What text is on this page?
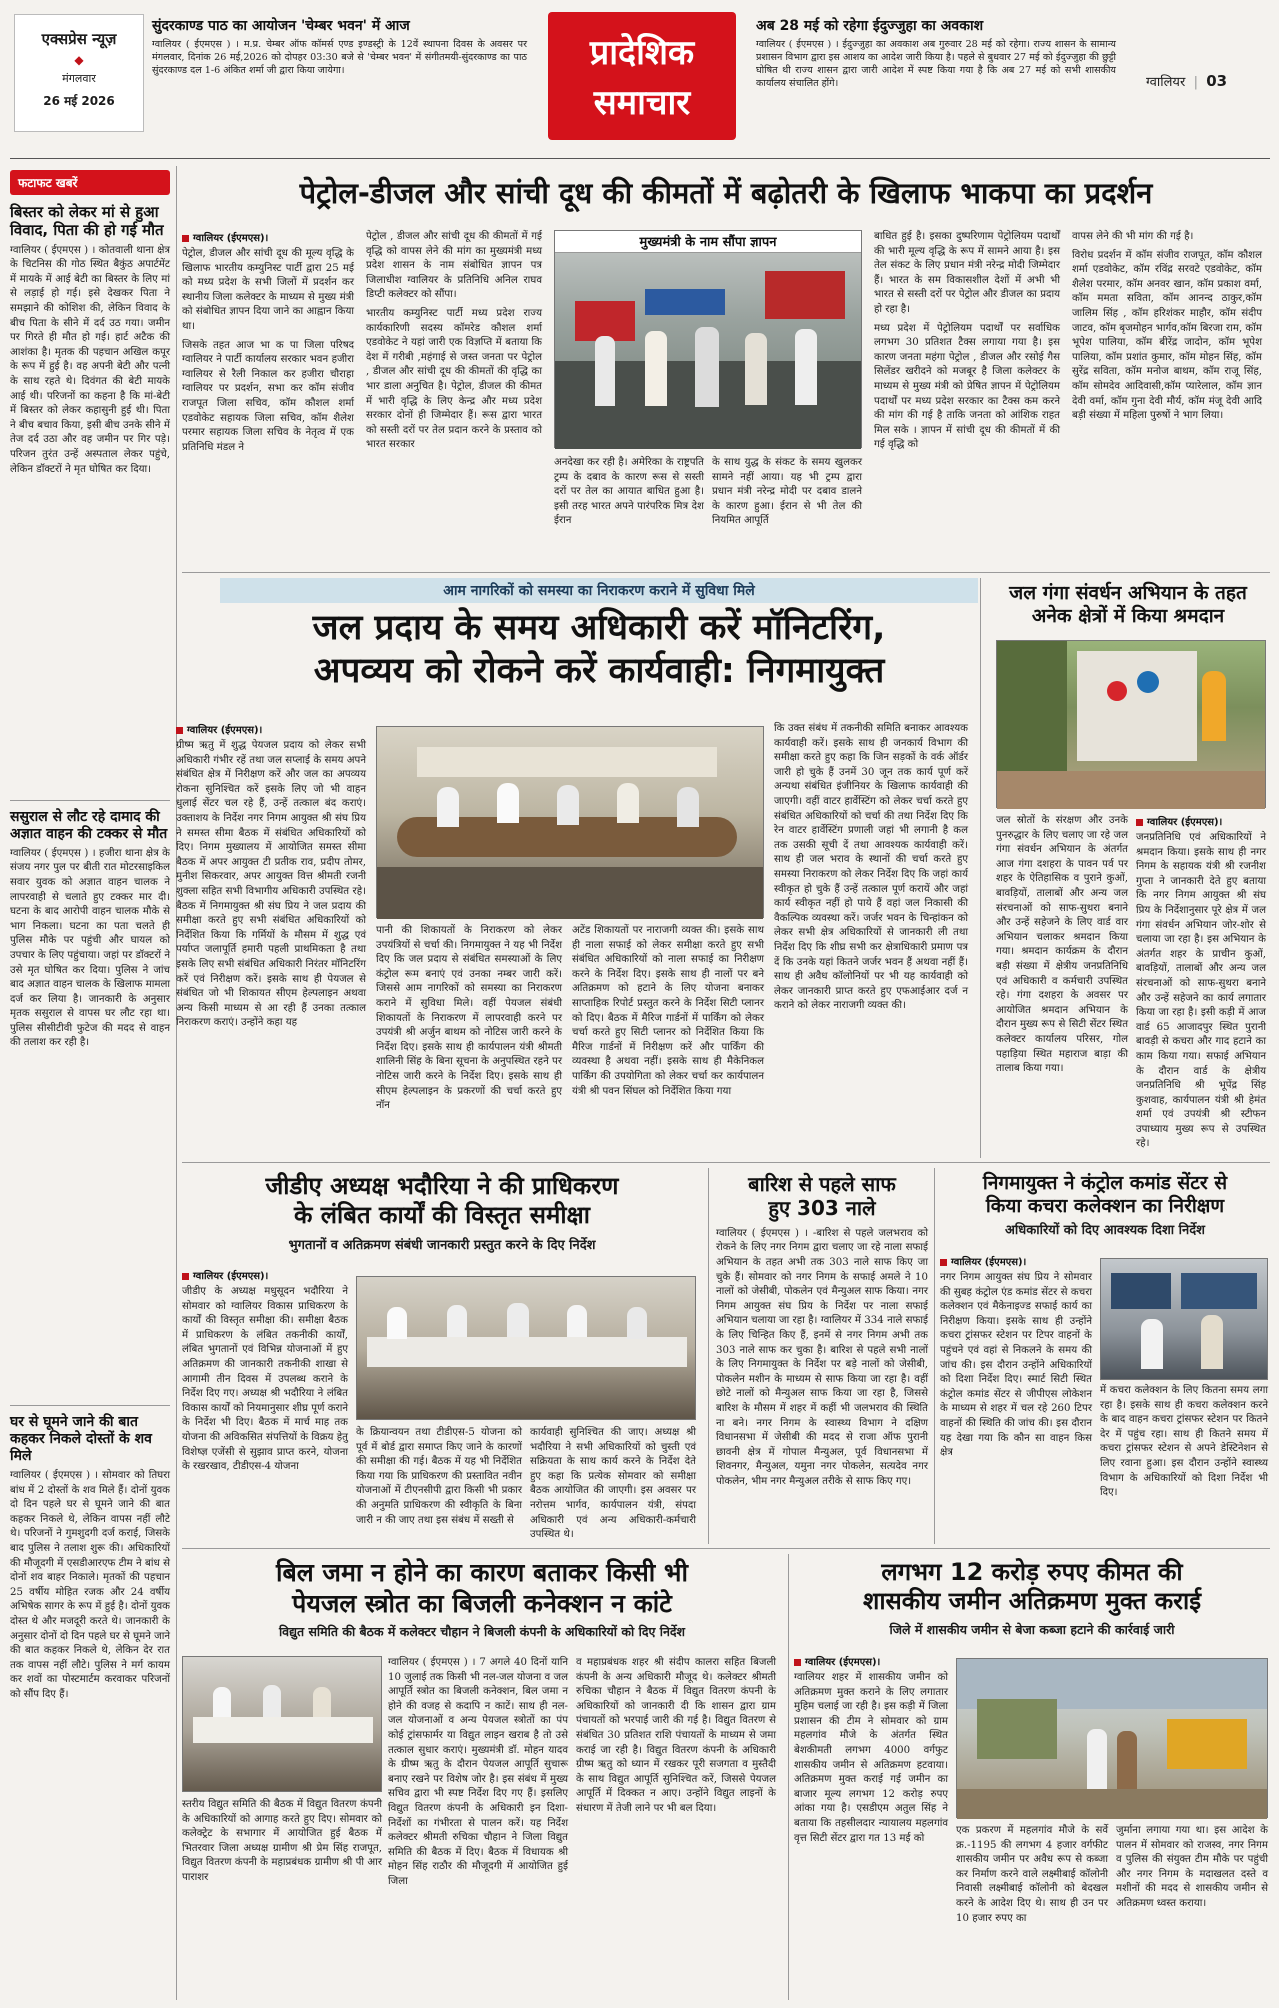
एक्सप्रेस न्यूज़
◆
मंगलवार
26 मई 2026
सुंदरकाण्ड पाठ का आयोजन 'चेम्बर भवन' में आज
ग्वालियर ( ईएमएस ) । म.प्र. चेम्बर ऑफ कॉमर्स एण्ड इण्डस्ट्री के 12वें स्थापना दिवस के अवसर पर मंगलवार, दिनांक 26 मई,2026 को दोपहर 03:30 बजे से 'चेम्बर भवन' में संगीतमयी-सुंदरकाण्ड का पाठ सुंदरकाण्ड दल 1-6 अंकित शर्मा जी द्वारा किया जायेगा।	प्रादेशिक
समाचार
अब 28 मई को रहेगा ईदुज्जुहा का अवकाश
ग्वालियर ( ईएमएस ) । ईदुज्जुहा का अवकाश अब गुरुवार 28 मई को रहेगा। राज्य शासन के सामान्य प्रशासन विभाग द्वारा इस आशय का आदेश जारी किया है। पहले से बुधवार 27 मई को ईदुज्जुहा की छुट्टी घोषित थी राज्य शासन द्वारा जारी आदेश में स्पष्ट किया गया है कि अब 27 मई को सभी शासकीय कार्यालय संचालित होंगे।	ग्वालियर  |  03
फटाफट खबरें
बिस्तर को लेकर मां से हुआ विवाद, पिता की हो गई मौत
ग्वालियर ( ईएमएस ) । कोतवाली थाना क्षेत्र के चिटनिस की गोठ स्थित बैकुंठ अपार्टमेंट में मायके में आई बेटी का बिस्तर के लिए मां से लड़ाई हो गई। इसे देखकर पिता ने समझाने की कोशिश की, लेकिन विवाद के बीच पिता के सीने में दर्द उठ गया। जमीन पर गिरते ही मौत हो गई। हार्ट अटैक की आशंका है। मृतक की पहचान अखिल कपूर के रूप में हुई है। वह अपनी बेटी और पत्नी के साथ रहते थे। दिवंगत की बेटी मायके आई थी। परिजनों का कहना है कि मां-बेटी में बिस्तर को लेकर कहासुनी हुई थी। पिता ने बीच बचाव किया, इसी बीच उनके सीने में तेज दर्द उठा और वह जमीन पर गिर पड़े। परिजन तुरंत उन्हें अस्पताल लेकर पहुंचे, लेकिन डॉक्टरों ने मृत घोषित कर दिया।
ससुराल से लौट रहे दामाद की अज्ञात वाहन की टक्कर से मौत
ग्वालियर ( ईएमएस ) । हजीरा थाना क्षेत्र के संजय नगर पुल पर बीती रात मोटरसाइकिल सवार युवक को अज्ञात वाहन चालक ने लापरवाही से चलाते हुए टक्कर मार दी। घटना के बाद आरोपी वाहन चालक मौके से भाग निकला। घटना का पता चलते ही पुलिस मौके पर पहुंची और घायल को उपचार के लिए पहुंचाया। जहां पर डॉक्टरों ने उसे मृत घोषित कर दिया। पुलिस ने जांच बाद अज्ञात वाहन चालक के खिलाफ मामला दर्ज कर लिया है। जानकारी के अनुसार मृतक ससुराल से वापस घर लौट रहा था। पुलिस सीसीटीवी फुटेज की मदद से वाहन की तलाश कर रही है।
घर से घूमने जाने की बात कहकर निकले दोस्तों के शव मिले
ग्वालियर ( ईएमएस ) । सोमवार को तिघरा बांध में 2 दोस्तों के शव मिले हैं। दोनों युवक दो दिन पहले घर से घूमने जाने की बात कहकर निकले थे, लेकिन वापस नहीं लौटे थे। परिजनों ने गुमशुदगी दर्ज कराई, जिसके बाद पुलिस ने तलाश शुरू की। अधिकारियों की मौजूदगी में एसडीआरएफ टीम ने बांध से दोनों शव बाहर निकाले। मृतकों की पहचान 25 वर्षीय मोहित रजक और 24 वर्षीय अभिषेक सागर के रूप में हुई है। दोनों युवक दोस्त थे और मजदूरी करते थे। जानकारी के अनुसार दोनों दो दिन पहले घर से घूमने जाने की बात कहकर निकले थे, लेकिन देर रात तक वापस नहीं लौटे। पुलिस ने मर्ग कायम कर शवों का पोस्टमार्टम करवाकर परिजनों को सौंप दिए हैं।
पेट्रोल-डीजल और सांची दूध की कीमतों में बढ़ोतरी के खिलाफ भाकपा का प्रदर्शन
ग्वालियर (ईएमएस)।
पेट्रोल, डीजल और सांची दूध की मूल्य वृद्धि के खिलाफ भारतीय कम्युनिस्ट पार्टी द्वारा 25 मई को मध्य प्रदेश के सभी जिलों में प्रदर्शन कर स्थानीय जिला कलेक्टर के माध्यम से मुख्य मंत्री को संबोधित ज्ञापन दिया जाने का आह्वान किया था।
जिसके तहत आज भा क पा जिला परिषद ग्वालियर ने पार्टी कार्यालय सरकार भवन हजीरा ग्वालियर से रैली निकाल कर हजीरा चौराहा ग्वालियर पर प्रदर्शन, सभा कर कॉम संजीव राजपूत जिला सचिव, कॉम कौशल शर्मा एडवोकेट सहायक जिला सचिव, कॉम शैलेश परमार सहायक जिला सचिव के नेतृत्व में एक प्रतिनिधि मंडल ने
पेट्रोल , डीजल और सांची दूध की कीमतों में गई वृद्धि को वापस लेने की मांग का मुख्यमंत्री मध्य प्रदेश शासन के नाम संबोधित ज्ञापन पत्र जिलाधीश ग्वालियर के प्रतिनिधि अनिल राघव डिप्टी कलेक्टर को सौंपा।
भारतीय कम्युनिस्ट पार्टी मध्य प्रदेश राज्य कार्यकारिणी सदस्य कॉमरेड कौशल शर्मा एडवोकेट ने यहां जारी एक विज्ञप्ति में बताया कि देश में गरीबी ,महंगाई से जस्त जनता पर पेट्रोल , डीजल और सांची दूध की कीमतों की वृद्धि का भार डाला अनुचित है। पेट्रोल, डीजल की कीमत में भारी वृद्धि के लिए केन्द्र और मध्य प्रदेश सरकार दोनों ही जिम्मेदार हैं। रूस द्वारा भारत को सस्ती दरों पर तेल प्रदान करने के प्रस्ताव को भारत सरकार
मुख्यमंत्री के नाम सौंपा ज्ञापन
अनदेखा कर रही है। अमेरिका के राष्ट्रपति ट्रम्प के दबाव के कारण रूस से सस्ती दरों पर तेल का आयात बाधित हुआ है। इसी तरह भारत अपने पारंपरिक मित्र देश ईरान
के साथ युद्ध के संकट के समय खुलकर सामने नहीं आया। यह भी ट्रम्प द्वारा प्रधान मंत्री नरेन्द्र मोदी पर दबाव डालने के कारण हुआ। ईरान से भी तेल की नियमित आपूर्ति
बाधित हुई है। इसका दुष्परिणाम पेट्रोलियम पदार्थों की भारी मूल्य वृद्धि के रूप में सामने आया है। इस तेल संकट के लिए प्रधान मंत्री नरेन्द्र मोदी जिम्मेदार हैं। भारत के सम विकासशील देशों में अभी भी भारत से सस्ती दरों पर पेट्रोल और डीजल का प्रदाय हो रहा है।
मध्य प्रदेश में पेट्रोलियम पदार्थों पर सर्वाधिक लगभग 30 प्रतिशत टैक्स लगाया गया है। इस कारण जनता महंगा पेट्रोल , डीजल और रसोई गैस सिलेंडर खरीदने को मजबूर है जिला कलेक्टर के माध्यम से मुख्य मंत्री को प्रेषित ज्ञापन में पेट्रोलियम पदार्थों पर मध्य प्रदेश सरकार का टैक्स कम करने की मांग की गई है ताकि जनता को आंशिक राहत मिल सके । ज्ञापन में सांची दूध की कीमतों में की गई वृद्धि को
वापस लेने की भी मांग की गई है।
विरोध प्रदर्शन में कॉम संजीव राजपूत, कॉम कौशल शर्मा एडवोकेट, कॉम रविंद्र सरवटे एडवोकेट, कॉम शैलेश परमार, कॉम अनवर खान, कॉम प्रकाश वर्मा, कॉम ममता सविता, कॉम आनन्द ठाकुर,कॉम जालिम सिंह , कॉम हरिशंकर माहौर, कॉम संदीप जाटव, कॉम बृजमोहन भार्गव,कॉम बिरजा राम, कॉम भूपेश पालिया, कॉम बीरेंद्र जादोन, कॉम भूपेश पालिया, कॉम प्रशांत कुमार, कॉम मोहन सिंह, कॉम सुरेंद्र सविता, कॉम मनोज बाथम, कॉम राजू सिंह, कॉम सोमदेव आदिवासी,कॉम प्यारेलाल, कॉम ज्ञान देवी वर्मा, कॉम गुना देवी मौर्य, कॉम मंजू देवी आदि बड़ी संख्या में महिला पुरुषों ने भाग लिया।
आम नागरिकों को समस्या का निराकरण कराने में सुविधा मिले
जल प्रदाय के समय अधिकारी करें मॉनिटरिंग,
अपव्यय को रोकने करें कार्यवाही: निगमायुक्त
ग्वालियर (ईएमएस)।
ग्रीष्म ऋतु में शुद्ध पेयजल प्रदाय को लेकर सभी अधिकारी गंभीर रहें तथा जल सप्लाई के समय अपने संबंधित क्षेत्र में निरीक्षण करें और जल का अपव्यय रोकना सुनिश्चित करें इसके लिए जो भी वाहन धुलाई सेंटर चल रहे हैं, उन्हें तत्काल बंद कराएं। उक्ताशय के निर्देश नगर निगम आयुक्त श्री संघ प्रिय ने समस्त सीमा बैठक में संबंधित अधिकारियों को दिए। निगम मुख्यालय में आयोजित समस्त सीमा बैठक में अपर आयुक्त टी प्रतीक राव, प्रदीप तोमर, मुनीश सिकरवार, अपर आयुक्त वित्त श्रीमती रजनी शुक्ला सहित सभी विभागीय अधिकारी उपस्थित रहे। बैठक में निगमायुक्त श्री संघ प्रिय ने जल प्रदाय की समीक्षा करते हुए सभी संबंधित अधिकारियों को निर्देशित किया कि गर्मियों के मौसम में शुद्ध एवं पर्याप्त जलापूर्ति हमारी पहली प्राथमिकता है तथा इसके लिए सभी संबंधित अधिकारी निरंतर मॉनिटरिंग करें एवं निरीक्षण करें। इसके साथ ही पेयजल से संबंधित जो भी शिकायत सीएम हेल्पलाइन अथवा अन्य किसी माध्यम से आ रही हैं उनका तत्काल निराकरण कराएं। उन्होंने कहा यह
पानी की शिकायतों के निराकरण को लेकर उपयंत्रियों से चर्चा की। निगमायुक्त ने यह भी निर्देश दिए कि जल प्रदाय से संबंधित समस्याओं के लिए कंट्रोल रूम बनाएं एवं उनका नम्बर जारी करें। जिससे आम नागरिकों को समस्या का निराकरण कराने में सुविधा मिले। वहीं पेयजल संबंधी शिकायतों के निराकरण में लापरवाही करने पर उपयंत्री श्री अर्जुन बाथम को नोटिस जारी करने के निर्देश दिए। इसके साथ ही कार्यपालन यंत्री श्रीमती शालिनी सिंह के बिना सूचना के अनुपस्थित रहने पर नोटिस जारी करने के निर्देश दिए। इसके साथ ही सीएम हेल्पलाइन के प्रकरणों की चर्चा करते हुए नॉन
अटेंड शिकायतों पर नाराजगी व्यक्त की। इसके साथ ही नाला सफाई को लेकर समीक्षा करते हुए सभी संबंधित अधिकारियों को नाला सफाई का निरीक्षण करने के निर्देश दिए। इसके साथ ही नालों पर बने अतिक्रमण को हटाने के लिए योजना बनाकर साप्ताहिक रिपोर्ट प्रस्तुत करने के निर्देश सिटी प्लानर को दिए। बैठक में मैरिज गार्डनों में पार्किंग को लेकर चर्चा करते हुए सिटी प्लानर को निर्देशित किया कि मैरिज गार्डनों में निरीक्षण करें और पार्किंग की व्यवस्था है अथवा नहीं। इसके साथ ही मैकेनिकल पार्किंग की उपयोगिता को लेकर चर्चा कर कार्यपालन यंत्री श्री पवन सिंघल को निर्देशित किया गया
कि उक्त संबंध में तकनीकी समिति बनाकर आवश्यक कार्यवाही करें। इसके साथ ही जनकार्य विभाग की समीक्षा करते हुए कहा कि जिन सड़कों के वर्क ऑर्डर जारी हो चुके हैं उनमें 30 जून तक कार्य पूर्ण करें अन्यथा संबंधित इंजीनियर के खिलाफ कार्यवाही की जाएगी। वहीं वाटर हार्वेस्टिंग को लेकर चर्चा करते हुए संबंधित अधिकारियों को चर्चा की तथा निर्देश दिए कि रेन वाटर हार्वेस्टिंग प्रणाली जहां भी लगानी है कल तक उसकी सूची दें तथा आवश्यक कार्यवाही करें। साथ ही जल भराव के स्थानों की चर्चा करते हुए समस्या निराकरण को लेकर निर्देश दिए कि जहां कार्य स्वीकृत हो चुके हैं उन्हें तत्काल पूर्ण करायें और जहां कार्य स्वीकृत नहीं हो पाये हैं वहां जल निकासी की वैकल्पिक व्यवस्था करें। जर्जर भवन के चिन्हांकन को लेकर सभी क्षेत्र अधिकारियों से जानकारी ली तथा निर्देश दिए कि शीघ्र सभी कर क्षेत्राधिकारी प्रमाण पत्र दें कि उनके यहां कितने जर्जर भवन हैं अथवा नहीं हैं। साथ ही अवैध कॉलोनियों पर भी यह कार्यवाही को लेकर जानकारी प्राप्त करते हुए एफआईआर दर्ज न कराने को लेकर नाराजगी व्यक्त की।
जल गंगा संवर्धन अभियान के तहत
अनेक क्षेत्रों में किया श्रमदान
जल स्रोतों के संरक्षण और उनके पुनरुद्धार के लिए चलाए जा रहे जल गंगा संवर्धन अभियान के अंतर्गत आज गंगा दशहरा के पावन पर्व पर शहर के ऐतिहासिक व पुराने कुओं, बावड़ियों, तालाबों और अन्य जल संरचनाओं को साफ-सुथरा बनाने और उन्हें सहेजने के लिए वार्ड वार अभियान चलाकर श्रमदान किया गया। श्रमदान कार्यक्रम के दौरान बड़ी संख्या में क्षेत्रीय जनप्रतिनिधि एवं अधिकारी व कर्मचारी उपस्थित रहे। गंगा दशहरा के अवसर पर आयोजित श्रमदान अभियान के दौरान मुख्य रूप से सिटी सेंटर स्थित कलेक्टर कार्यालय परिसर, गोल पहाड़िया स्थित महाराज बाड़ा की तालाब किया गया।
ग्वालियर (ईएमएस)।
जनप्रतिनिधि एवं अधिकारियों ने श्रमदान किया। इसके साथ ही नगर निगम के सहायक यंत्री श्री रजनीश गुप्ता ने जानकारी देते हुए बताया कि नगर निगम आयुक्त श्री संघ प्रिय के निर्देशानुसार पूरे क्षेत्र में जल गंगा संवर्धन अभियान जोर-शोर से चलाया जा रहा है। इस अभियान के अंतर्गत शहर के प्राचीन कुओं, बावड़ियों, तालाबों और अन्य जल संरचनाओं को साफ-सुथरा बनाने और उन्हें सहेजने का कार्य लगातार किया जा रहा है। इसी कड़ी में आज वार्ड 65 आजादपुर स्थित पुरानी बावड़ी से कचरा और गाद हटाने का काम किया गया। सफाई अभियान के दौरान वार्ड के क्षेत्रीय जनप्रतिनिधि श्री भूपेंद्र सिंह कुशवाह, कार्यपालन यंत्री श्री हेमंत शर्मा एवं उपयंत्री श्री स्टीफन उपाध्याय मुख्य रूप से उपस्थित रहे।
जीडीए अध्यक्ष भदौरिया ने की प्राधिकरण
के लंबित कार्यों की विस्तृत समीक्षा
भुगतानों व अतिक्रमण संबंधी जानकारी प्रस्तुत करने के दिए निर्देश
ग्वालियर (ईएमएस)।
जीडीए के अध्यक्ष मधुसूदन भदौरिया ने सोमवार को ग्वालियर विकास प्राधिकरण के कार्यों की विस्तृत समीक्षा की। समीक्षा बैठक में प्राधिकरण के लंबित तकनीकी कार्यों, लंबित भुगतानों एवं विभिन्न योजनाओं में हुए अतिक्रमण की जानकारी तकनीकी शाखा से आगामी तीन दिवस में उपलब्ध कराने के निर्देश दिए गए। अध्यक्ष श्री भदौरिया ने लंबित विकास कार्यों को नियमानुसार शीघ्र पूर्ण कराने के निर्देश भी दिए। बैठक में मार्च माह तक योजना की अविकसित संपत्तियों के विक्रय हेतु विशेष्ज्ञ एजेंसी से सुझाव प्राप्त करने, योजना के रखरखाव, टीडीएस-4 योजना
के क्रियान्वयन तथा टीडीएस-5 योजना को पूर्व में बोर्ड द्वारा समाप्त किए जाने के कारणों की समीक्षा की गई। बैठक में यह भी निर्देशित किया गया कि प्राधिकरण की प्रस्तावित नवीन योजनाओं में टीएनसीपी द्वारा किसी भी प्रकार की अनुमति प्राधिकरण की स्वीकृति के बिना जारी न की जाए तथा इस संबंध में सख्ती से
कार्यवाही सुनिश्चित की जाए। अध्यक्ष श्री भदौरिया ने सभी अधिकारियों को चुस्ती एवं सक्रियता के साथ कार्य करने के निर्देश देते हुए कहा कि प्रत्येक सोमवार को समीक्षा बैठक आयोजित की जाएगी। इस अवसर पर नरोत्तम भार्गव, कार्यपालन यंत्री, संपदा अधिकारी एवं अन्य अधिकारी-कर्मचारी उपस्थित थे।
बारिश से पहले साफ
हुए 303 नाले
ग्वालियर ( ईएमएस ) । -बारिश से पहले जलभराव को रोकने के लिए नगर निगम द्वारा चलाए जा रहे नाला सफाई अभियान के तहत अभी तक 303 नाले साफ किए जा चुके हैं। सोमवार को नगर निगम के सफाई अमले ने 10 नालों को जेसीबी, पोकलेन एवं मैन्युअल साफ किया। नगर निगम आयुक्त संघ प्रिय के निर्देश पर नाला सफाई अभियान चलाया जा रहा है। ग्वालियर में 334 नाले सफाई के लिए चिन्हित किए हैं, इनमें से नगर निगम अभी तक 303 नाले साफ कर चुका है। बारिश से पहले सभी नालों के लिए निगमायुक्त के निर्देश पर बड़े नालों को जेसीबी, पोकलेन मशीन के माध्यम से साफ किया जा रहा है। वहीं छोटे नालों को मैन्युअल साफ किया जा रहा है, जिससे बारिश के मौसम में शहर में कहीं भी जलभराव की स्थिति ना बने। नगर निगम के स्वास्थ्य विभाग ने दक्षिण विधानसभा में जेसीबी की मदद से राजा ऑफ पुरानी छावनी क्षेत्र में गोपाल मैन्युअल, पूर्व विधानसभा में शिवनगर, मैन्युअल, यमुना नगर पोकलेन, सत्यदेव नगर पोकलेन, भीम नगर मैन्युअल तरीके से साफ किए गए।
निगमायुक्त ने कंट्रोल कमांड सेंटर से
किया कचरा कलेक्शन का निरीक्षण
अधिकारियों को दिए आवश्यक दिशा निर्देश
ग्वालियर (ईएमएस)।
नगर निगम आयुक्त संघ प्रिय ने सोमवार की सुबह कंट्रोल एंड कमांड सेंटर से कचरा कलेक्शन एवं मैकेनाइज्ड सफाई कार्य का निरीक्षण किया। इसके साथ ही उन्होंने कचरा ट्रांसफर स्टेशन पर टिपर वाहनों के पहुंचने एवं वहां से निकलने के समय की जांच की। इस दौरान उन्होंने अधिकारियों को दिशा निर्देश दिए। स्मार्ट सिटी स्थित कंट्रोल कमांड सेंटर से जीपीएस लोकेशन के माध्यम से शहर में चल रहे 260 टिपर वाहनों की स्थिति की जांच की। इस दौरान यह देखा गया कि कौन सा वाहन किस क्षेत्र
में कचरा कलेक्शन के लिए कितना समय लगा रहा है। इसके साथ ही कचरा कलेक्शन करने के बाद वाहन कचरा ट्रांसफर स्टेशन पर कितने देर में पहुंच रहा। साथ ही कितने समय में कचरा ट्रांसफर स्टेशन से अपने डेस्टिनेशन से लिए रवाना हुआ। इस दौरान उन्होंने स्वास्थ्य विभाग के अधिकारियों को दिशा निर्देश भी दिए।
बिल जमा न होने का कारण बताकर किसी भी
पेयजल स्त्रोत का बिजली कनेक्शन न कांटे
विद्युत समिति की बैठक में कलेक्टर चौहान ने बिजली कंपनी के अधिकारियों को दिए निर्देश
ग्वालियर ( ईएमएस ) । 7 अगले 40 दिनों यानि 10 जुलाई तक किसी भी नल-जल योजना व जल आपूर्ति स्त्रोत का बिजली कनेक्शन, बिल जमा न होने की वजह से कदापि न काटें। साथ ही नल-जल योजनाओं व अन्य पेयजल स्त्रोतों का पंप कोई ट्रांसफार्मर या विद्युत लाइन खराब है तो उसे तत्काल सुधार कराएं। मुख्यमंत्री डॉ. मोहन यादव के ग्रीष्म ऋतु के दौरान पेयजल आपूर्ति सुचारू बनाए रखने पर विशेष जोर है। इस संबंध में मुख्य सचिव द्वारा भी स्पष्ट निर्देश दिए गए हैं। इसलिए विद्युत वितरण कंपनी के अधिकारी इन दिशा-निर्देशों का गंभीरता से पालन करें। यह निर्देश कलेक्टर श्रीमती रुचिका चौहान ने जिला विद्युत समिति की बैठक में दिए। बैठक में विधायक श्री मोहन सिंह राठौर की मौजूदगी में आयोजित हुई जिला
स्तरीय विद्युत समिति की बैठक में विद्युत वितरण कंपनी के अधिकारियों को आगाह करते हुए दिए। सोमवार को कलेक्ट्रेट के सभागार में आयोजित हुई बैठक में भितरवार जिला अध्यक्ष ग्रामीण श्री प्रेम सिंह राजपूत, विद्युत वितरण कंपनी के महाप्रबंधक ग्रामीण श्री पी आर पाराशर
व महाप्रबंधक शहर श्री संदीप कालरा सहित बिजली कंपनी के अन्य अधिकारी मौजूद थे। कलेक्टर श्रीमती रुचिका चौहान ने बैठक में विद्युत वितरण कंपनी के अधिकारियों को जानकारी दी कि शासन द्वारा ग्राम पंचायतों को भरपाई जारी की गई है। विद्युत वितरण से संबंधित 30 प्रतिशत राशि पंचायतों के माध्यम से जमा कराई जा रही है। विद्युत वितरण कंपनी के अधिकारी ग्रीष्म ऋतु को ध्यान में रखकर पूरी सजगता व मुस्तैदी के साथ विद्युत आपूर्ति सुनिश्चित करें, जिससे पेयजल आपूर्ति में दिक्कत न आए। उन्होंने विद्युत लाइनों के संधारण में तेजी लाने पर भी बल दिया।
लगभग 12 करोड़ रुपए कीमत की
शासकीय जमीन अतिक्रमण मुक्त कराई
जिले में शासकीय जमीन से बेजा कब्जा हटाने की कार्रवाई जारी
ग्वालियर (ईएमएस)।
ग्वालियर शहर में शासकीय जमीन को अतिक्रमण मुक्त कराने के लिए लगातार मुहिम चलाई जा रही है। इस कड़ी में जिला प्रशासन की टीम ने सोमवार को ग्राम महलगांव मौजे के अंतर्गत स्थित बेशकीमती लगभग 4000 वर्गफुट शासकीय जमीन से अतिक्रमण हटवाया। अतिक्रमण मुक्त कराई गई जमीन का बाजार मूल्य लगभग 12 करोड़ रुपए आंका गया है। एसडीएम अतुल सिंह ने बताया कि तहसीलदार न्यायालय महलगांव वृत्त सिटी सेंटर द्वारा गत 13 मई को
एक प्रकरण में महलगांव मौजे के सर्वे क्र.-1195 की लगभग 4 हजार वर्गफीट शासकीय जमीन पर अवैध रूप से कब्जा कर निर्माण करने वाले लक्ष्मीबाई कॉलोनी निवासी लक्ष्मीबाई कॉलोनी को बेदखल करने के आदेश दिए थे। साथ ही उन पर 10 हजार रुपए का
जुर्माना लगाया गया था। इस आदेश के पालन में सोमवार को राजस्व, नगर निगम व पुलिस की संयुक्त टीम मौके पर पहुंची और नगर निगम के मदाखलत दस्ते व मशीनों की मदद से शासकीय जमीन से अतिक्रमण ध्वस्त कराया।
